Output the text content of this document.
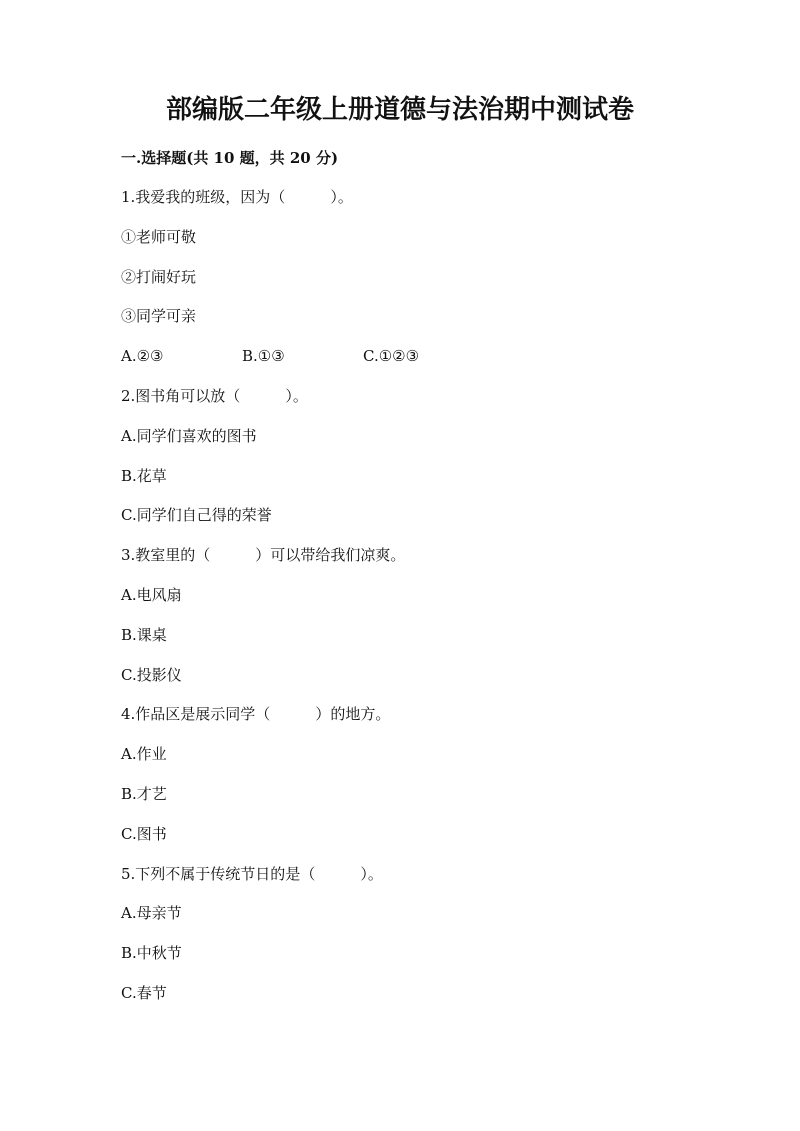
部编版二年级上册道德与法治期中测试卷
一.选择题(共 10 题，共 20 分)
1.我爱我的班级，因为（　　　）。
①老师可敬
②打闹好玩
③同学可亲
A.②③	B.①③	C.①②③
2.图书角可以放（　　　）。
A.同学们喜欢的图书
B.花草
C.同学们自己得的荣誉
3.教室里的（　　　）可以带给我们凉爽。
A.电风扇
B.课桌
C.投影仪
4.作品区是展示同学（　　　）的地方。
A.作业
B.才艺
C.图书
5.下列不属于传统节日的是（　　　）。
A.母亲节
B.中秋节
C.春节
